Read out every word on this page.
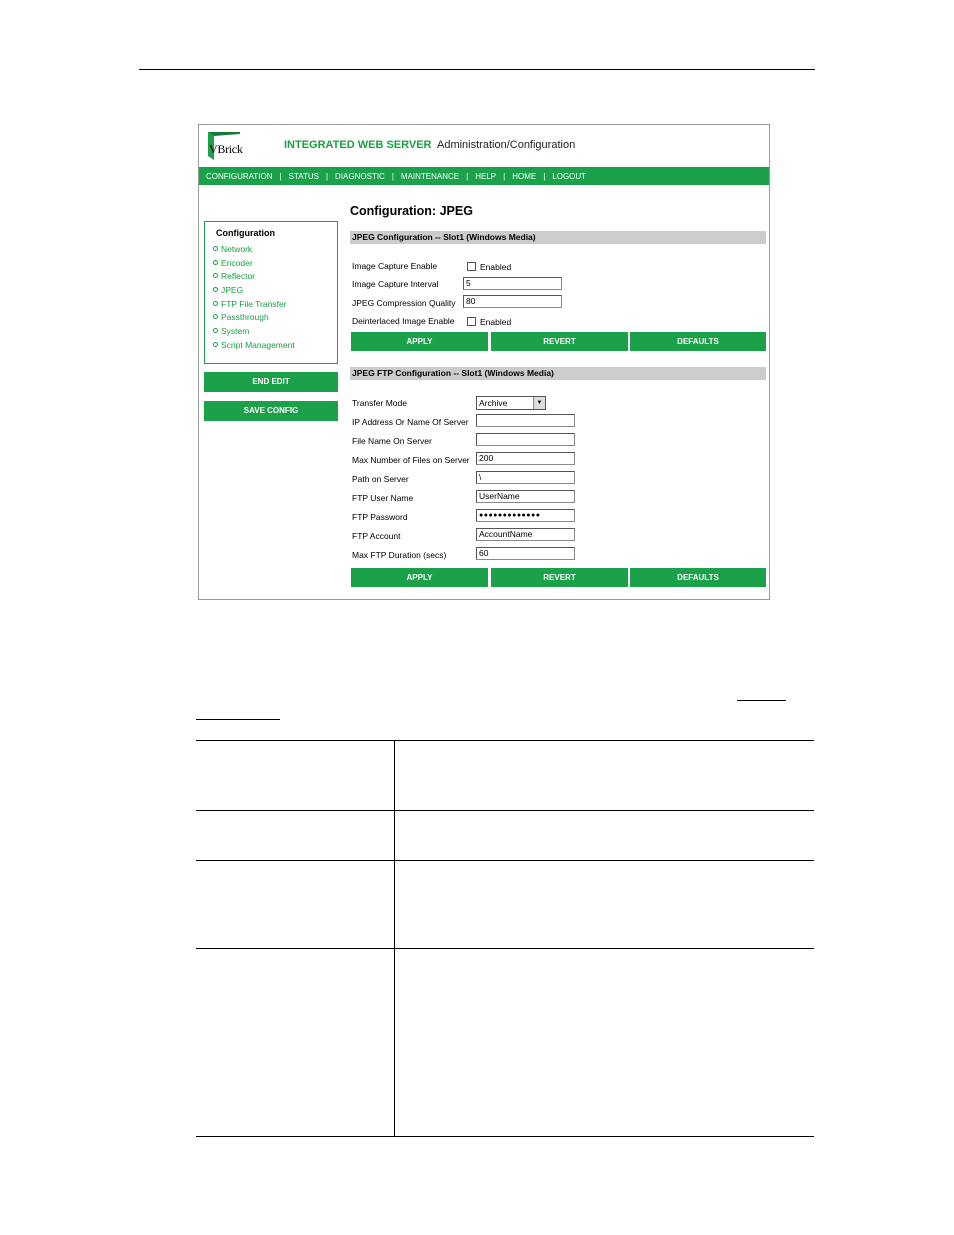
VBrick	INTEGRATED WEB SERVER Administration/Configuration
CONFIGURATION | STATUS | DIAGNOSTIC | MAINTENANCE | HELP | HOME | LOGOUT
Configuration
Network
Encoder
Reflector
JPEG
FTP File Transfer
Passthrough
System
Script Management
END EDIT
SAVE CONFIG
Configuration: JPEG
JPEG Configuration -- Slot1 (Windows Media)
Image Capture Enable	Enabled
Image Capture Interval	5
JPEG Compression Quality	80
Deinterlaced Image Enable	Enabled
APPLY	REVERT	DEFAULTS
JPEG FTP Configuration -- Slot1 (Windows Media)
Transfer Mode	Archive	▼
IP Address Or Name Of Server
File Name On Server
Max Number of Files on Server	200
Path on Server	\
FTP User Name	UserName
FTP Password	●●●●●●●●●●●●●
FTP Account	AccountName
Max FTP Duration (secs)	60
APPLY	REVERT	DEFAULTS
